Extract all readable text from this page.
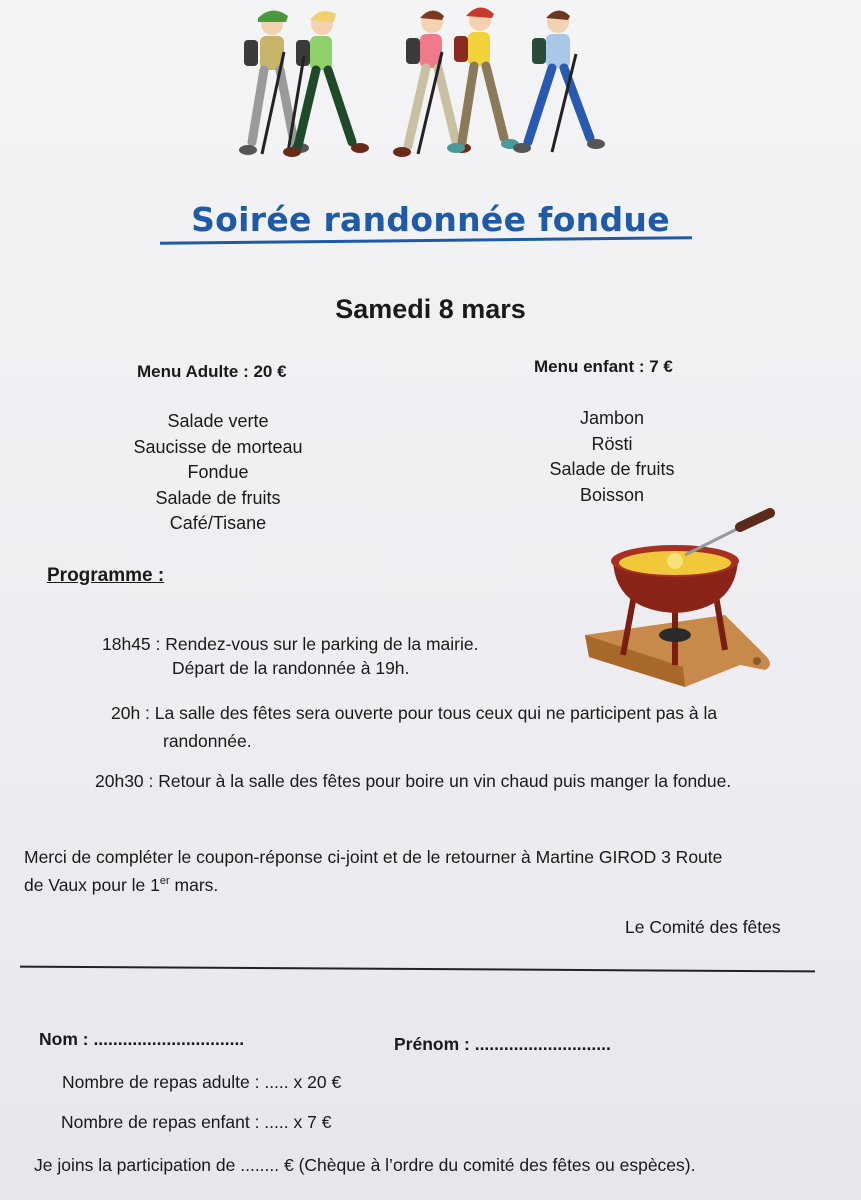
Soirée randonnée fondue
Samedi 8 mars
Menu Adulte : 20 €
Salade verte
Saucisse de morteau
Fondue
Salade de fruits
Café/Tisane
Menu enfant : 7 €
Jambon
Rösti
Salade de fruits
Boisson
Programme :
18h45 : Rendez-vous sur le parking de la mairie.
Départ de la randonnée à 19h.
20h : La salle des fêtes sera ouverte pour tous ceux qui ne participent pas à la
randonnée.
20h30 : Retour à la salle des fêtes pour boire un vin chaud puis manger la fondue.
Merci de compléter le coupon-réponse ci-joint et de le retourner à Martine GIROD 3 Route
de Vaux pour le 1er mars.
Le Comité des fêtes
Nom : ...............................	Prénom : ............................
Nombre de repas adulte : ..... x 20 €
Nombre de repas enfant : ..... x 7 €
Je joins la participation de ........ € (Chèque à l’ordre du comité des fêtes ou espèces).
